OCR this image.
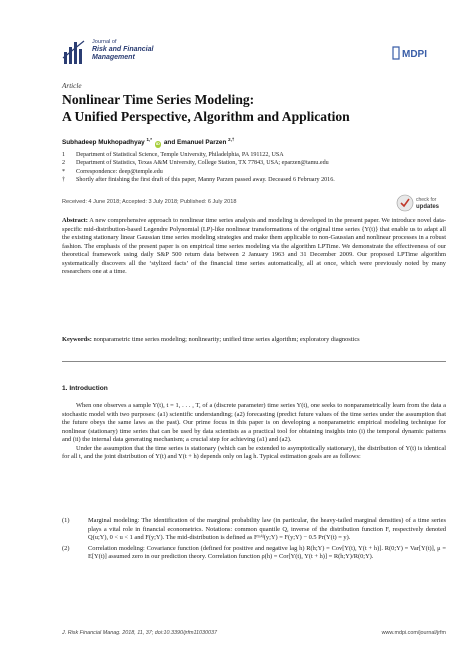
Journal of
Risk and Financial
Management	MDPI
Article
Nonlinear Time Series Modeling:
A Unified Perspective, Algorithm and Application
Subhadeep Mukhopadhyay $^{1,*}$ iD and Emanuel Parzen $^{2,\dagger}$
1	Department of Statistical Science, Temple University, Philadelphia, PA 191122, USA
2	Department of Statistics, Texas A&M University, College Station, TX 77843, USA; eparzen@tamu.edu
*	Correspondence: deep@temple.edu
†	Shortly after finishing the first draft of this paper, Manny Parzen passed away. Deceased 6 February 2016.
Received: 4 June 2018; Accepted: 3 July 2018; Published: 6 July 2018	check for
updates
Abstract: A new comprehensive approach to nonlinear time series analysis and modeling is developed in the present paper. We introduce novel data-specific mid-distribution-based Legendre Polynomial (LP)-like nonlinear transformations of the original time series {Y(t)} that enable us to adapt all the existing stationary linear Gaussian time series modeling strategies and make them applicable to non-Gaussian and nonlinear processes in a robust fashion. The emphasis of the present paper is on empirical time series modeling via the algorithm LPTime. We demonstrate the effectiveness of our theoretical framework using daily S&P 500 return data between 2 January 1963 and 31 December 2009. Our proposed LPTime algorithm systematically discovers all the ‘stylized facts’ of the financial time series automatically, all at once, which were previously noted by many researchers one at a time.
Keywords: nonparametric time series modeling; nonlinearity; unified time series algorithm; exploratory diagnostics
1. Introduction

When one observes a sample Y(t), t = 1, . . . , T, of a (discrete parameter) time series Y(t), one seeks to nonparametrically learn from the data a stochastic model with two purposes: (a1) scientific understanding; (a2) forecasting (predict future values of the time series under the assumption that the future obeys the same laws as the past). Our prime focus in this paper is on developing a nonparametric empirical modeling technique for nonlinear (stationary) time series that can be used by data scientists as a practical tool for obtaining insights into (i) the temporal dynamic patterns and (ii) the internal data generating mechanism; a crucial step for achieving (a1) and (a2).

Under the assumption that the time series is stationary (which can be extended to asymptotically stationary), the distribution of Y(t) is identical for all t, and the joint distribution of Y(t) and Y(t + h) depends only on lag h. Typical estimation goals are as follows:

(1)	Marginal modeling: The identification of the marginal probability law (in particular, the heavy-tailed marginal densities) of a time series plays a vital role in financial econometrics. Notations: common quantile Q, inverse of the distribution function F, respectively denoted Q(u;Y), 0 < u < 1 and F(y;Y). The mid-distribution is defined as Fᵐⁱᵈ(y;Y) = F(y;Y) − 0.5 Pr(Y(t) = y).
(2)	Correlation modeling: Covariance function (defined for positive and negative lag h) R(h;Y) = Cov[Y(t), Y(t + h)]. R(0;Y) = Var[Y(t)], μ = E[Y(t)] assumed zero in our prediction theory. Correlation function ρ(h) = Cor[Y(t), Y(t + h)] = R(h;Y)/R(0;Y).
J. Risk Financial Manag. 2018, 11, 37; doi:10.3390/jrfm11030037	www.mdpi.com/journal/jrfm
